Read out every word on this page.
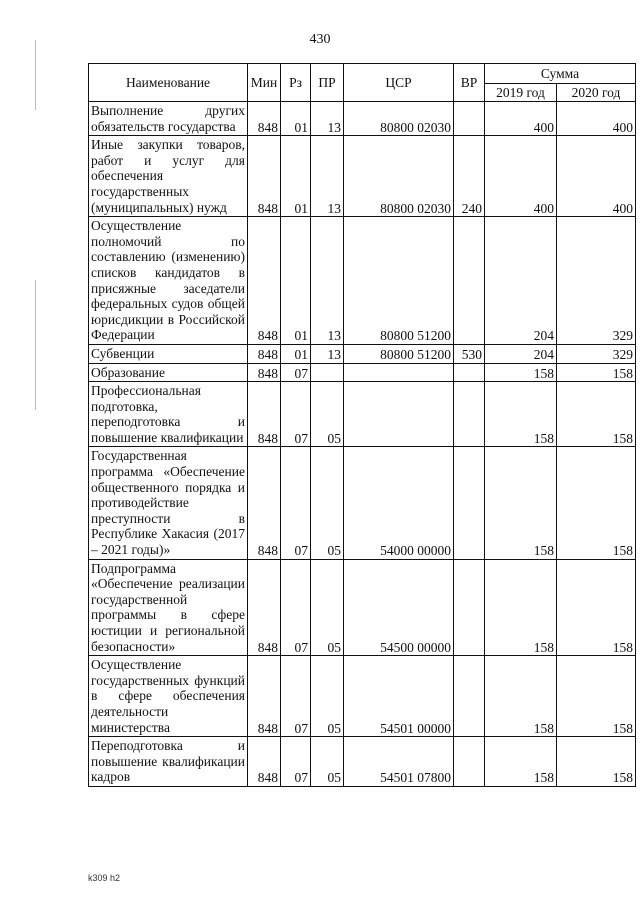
430
Наименование	Мин	Рз	ПР	ЦСР	ВР	Сумма	
						2019 год	2020 год
Выполнение других обязательств государства	848	01	13	80800 02030		400	400
Иные закупки товаров, работ и услуг для обеспечения государственных (муниципальных) нужд	848	01	13	80800 02030	240	400	400
Осуществление полномочий по составлению (изменению) списков кандидатов в присяжные заседатели федеральных судов общей юрисдикции в Российской Федерации	848	01	13	80800 51200		204	329
Субвенции	848	01	13	80800 51200	530	204	329
Образование	848	07				158	158
Профессиональная подготовка, переподготовка и повышение квалификации	848	07	05			158	158
Государственная программа «Обеспечение общественного порядка и противодействие преступности в Республике Хакасия (2017 – 2021 годы)»	848	07	05	54000 00000		158	158
Подпрограмма «Обеспечение реализации государственной программы в сфере юстиции и региональной безопасности»	848	07	05	54500 00000		158	158
Осуществление государственных функций в сфере обеспечения деятельности министерства	848	07	05	54501 00000		158	158
Переподготовка и повышение квалификации кадров	848	07	05	54501 07800		158	158
k309 h2
